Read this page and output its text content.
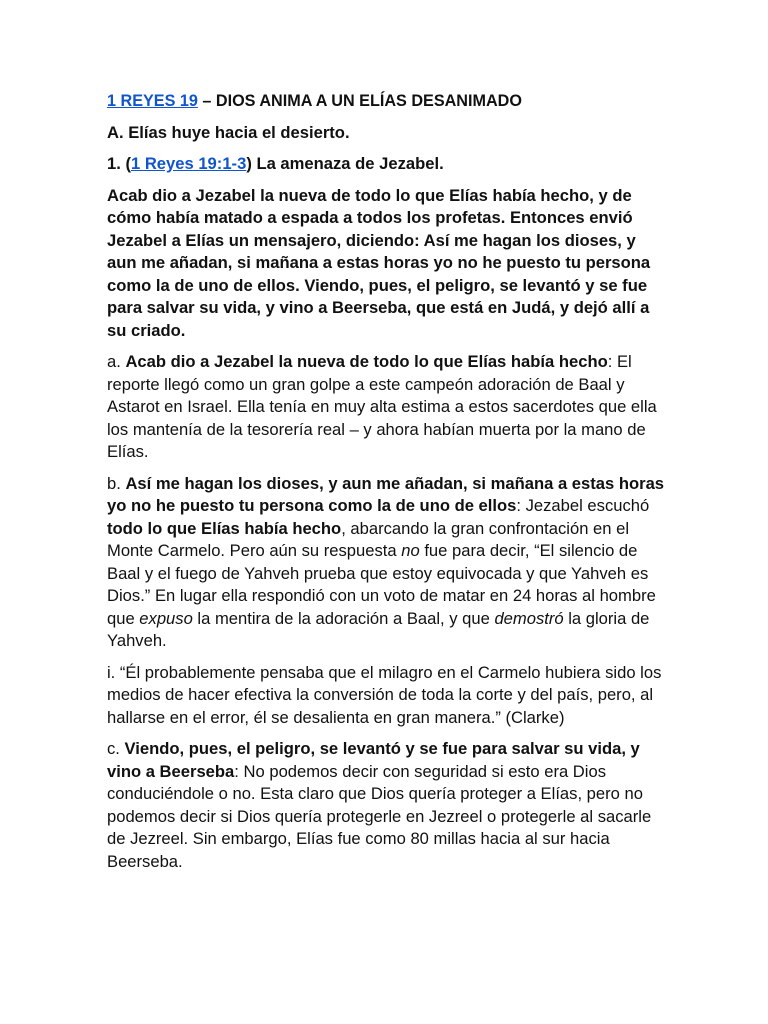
1 REYES 19 – DIOS ANIMA A UN ELÍAS DESANIMADO

A. Elías huye hacia el desierto.

1. (1 Reyes 19:1-3) La amenaza de Jezabel.

Acab dio a Jezabel la nueva de todo lo que Elías había hecho, y de cómo había matado a espada a todos los profetas. Entonces envió Jezabel a Elías un mensajero, diciendo: Así me hagan los dioses, y aun me añadan, si mañana a estas horas yo no he puesto tu persona como la de uno de ellos. Viendo, pues, el peligro, se levantó y se fue para salvar su vida, y vino a Beerseba, que está en Judá, y dejó allí a su criado.

a. Acab dio a Jezabel la nueva de todo lo que Elías había hecho: El reporte llegó como un gran golpe a este campeón adoración de Baal y Astarot en Israel. Ella tenía en muy alta estima a estos sacerdotes que ella los mantenía de la tesorería real – y ahora habían muerta por la mano de Elías.

b. Así me hagan los dioses, y aun me añadan, si mañana a estas horas yo no he puesto tu persona como la de uno de ellos: Jezabel escuchó todo lo que Elías había hecho, abarcando la gran confrontación en el Monte Carmelo. Pero aún su respuesta no fue para decir, “El silencio de Baal y el fuego de Yahveh prueba que estoy equivocada y que Yahveh es Dios.” En lugar ella respondió con un voto de matar en 24 horas al hombre que expuso la mentira de la adoración a Baal, y que demostró la gloria de Yahveh.

i. “Él probablemente pensaba que el milagro en el Carmelo hubiera sido los medios de hacer efectiva la conversión de toda la corte y del país, pero, al hallarse en el error, él se desalienta en gran manera.” (Clarke)

c. Viendo, pues, el peligro, se levantó y se fue para salvar su vida, y vino a Beerseba: No podemos decir con seguridad si esto era Dios conduciéndole o no. Esta claro que Dios quería proteger a Elías, pero no podemos decir si Dios quería protegerle en Jezreel o protegerle al sacarle de Jezreel. Sin embargo, Elías fue como 80 millas hacia al sur hacia Beerseba.
